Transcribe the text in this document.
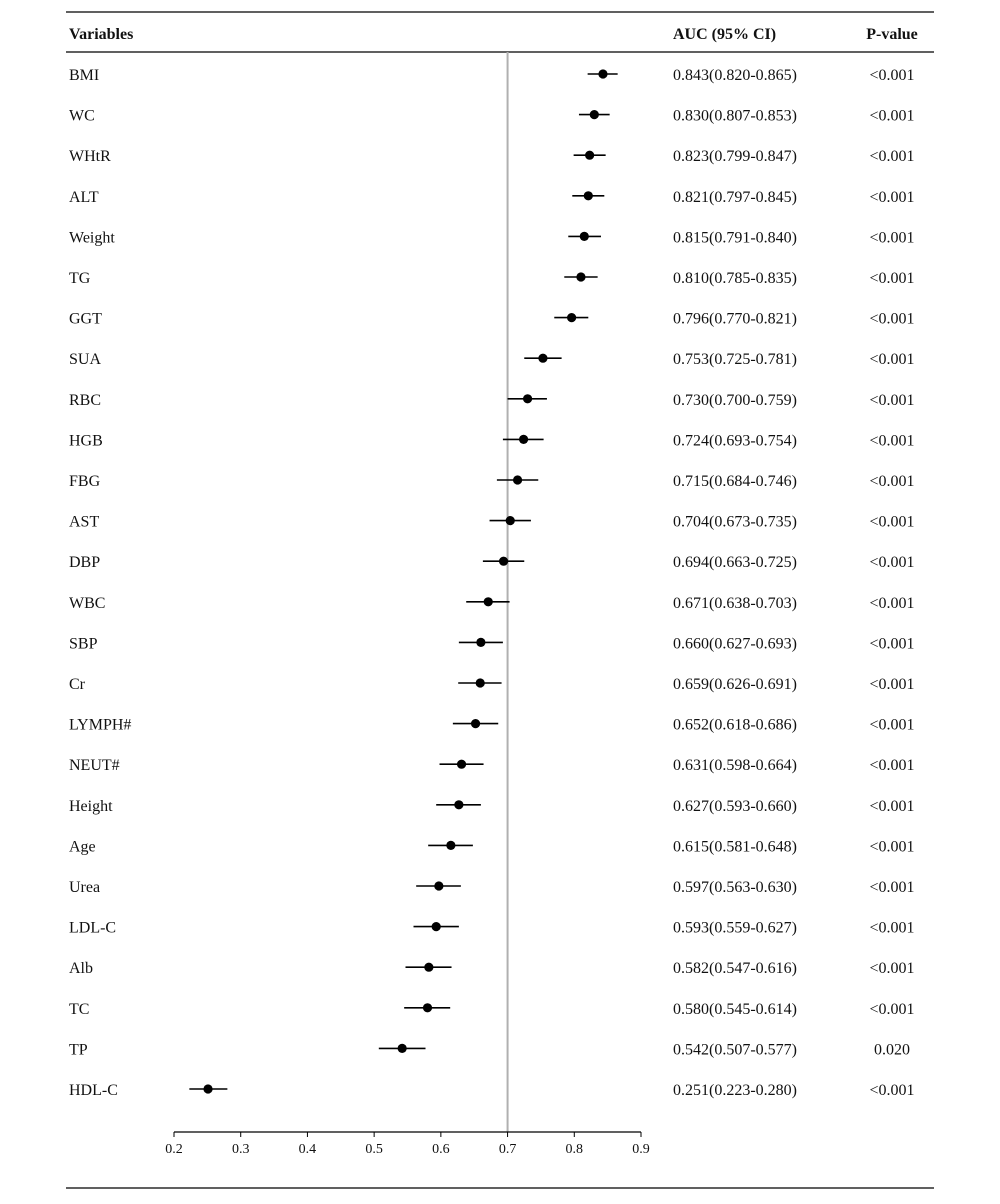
Variables	AUC (95% CI)	P-value
BMI	0.843(0.820-0.865)	<0.001
WC	0.830(0.807-0.853)	<0.001
WHtR	0.823(0.799-0.847)	<0.001
ALT	0.821(0.797-0.845)	<0.001
Weight	0.815(0.791-0.840)	<0.001
TG	0.810(0.785-0.835)	<0.001
GGT	0.796(0.770-0.821)	<0.001
SUA	0.753(0.725-0.781)	<0.001
RBC	0.730(0.700-0.759)	<0.001
HGB	0.724(0.693-0.754)	<0.001
FBG	0.715(0.684-0.746)	<0.001
AST	0.704(0.673-0.735)	<0.001
DBP	0.694(0.663-0.725)	<0.001
WBC	0.671(0.638-0.703)	<0.001
SBP	0.660(0.627-0.693)	<0.001
Cr	0.659(0.626-0.691)	<0.001
LYMPH#	0.652(0.618-0.686)	<0.001
NEUT#	0.631(0.598-0.664)	<0.001
Height	0.627(0.593-0.660)	<0.001
Age	0.615(0.581-0.648)	<0.001
Urea	0.597(0.563-0.630)	<0.001
LDL-C	0.593(0.559-0.627)	<0.001
Alb	0.582(0.547-0.616)	<0.001
TC	0.580(0.545-0.614)	<0.001
TP	0.542(0.507-0.577)	0.020
HDL-C	0.251(0.223-0.280)	<0.001
0.2	0.3	0.4	0.5	0.6	0.7	0.8	0.9
